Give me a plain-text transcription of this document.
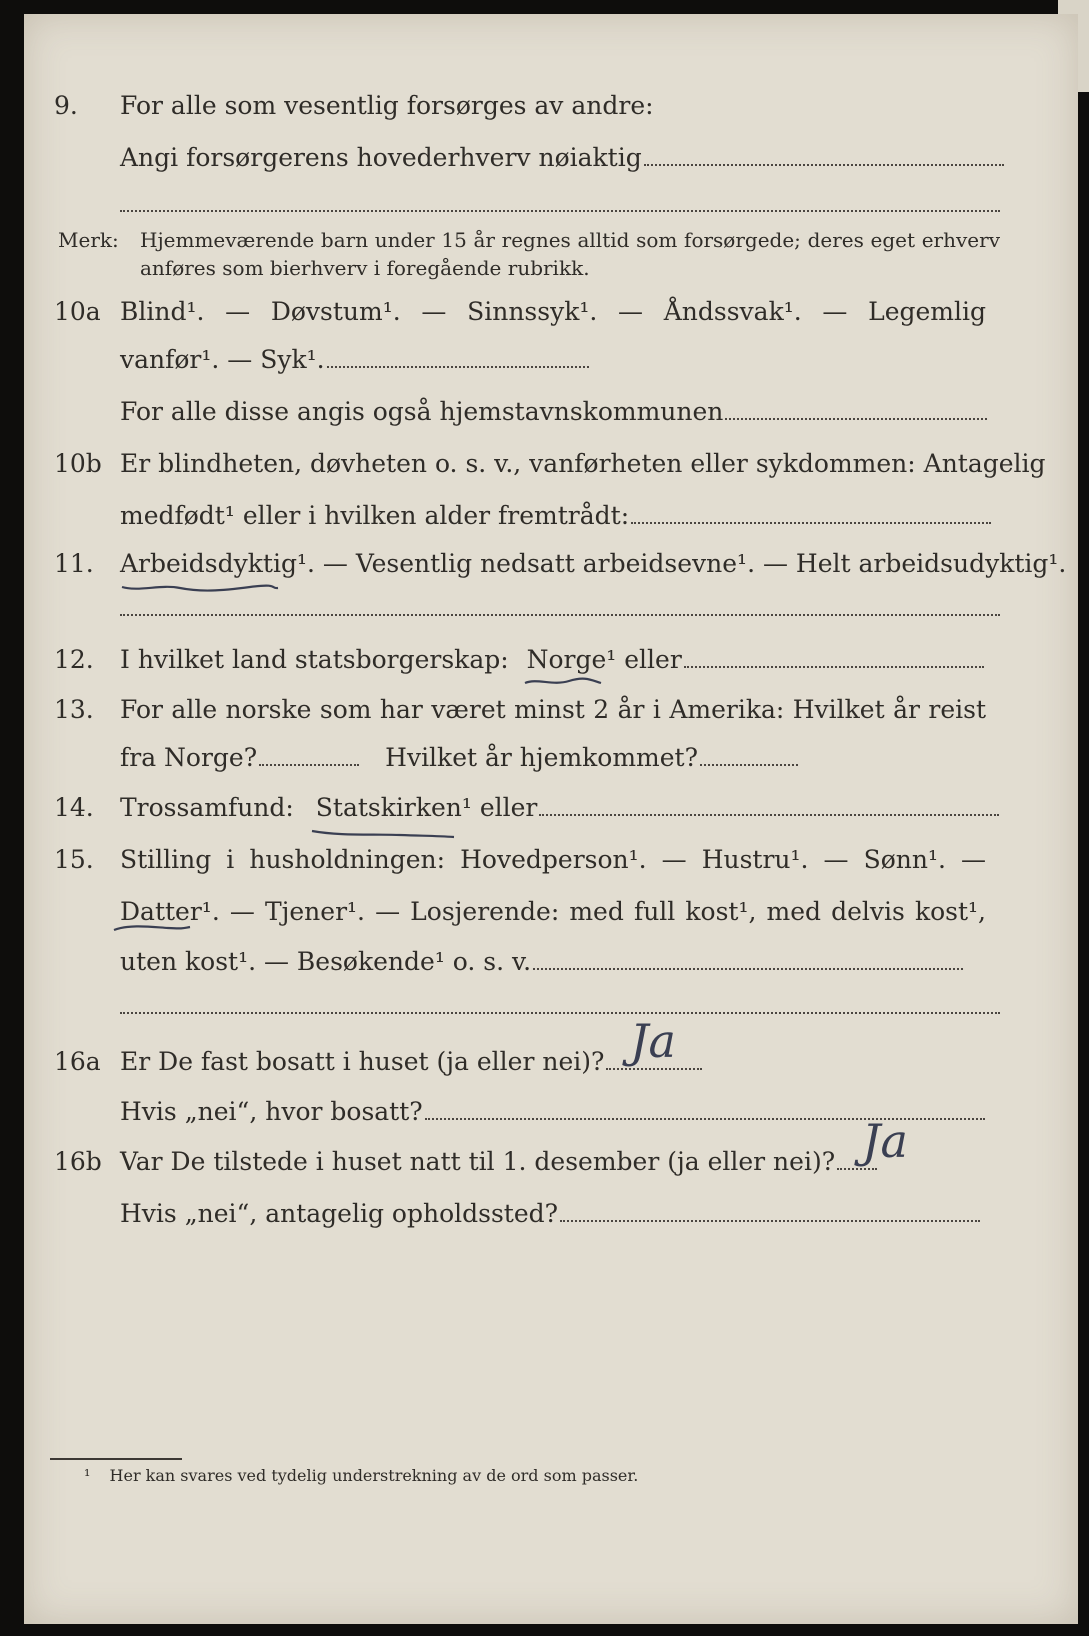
9. For alle som vesentlig forsørges av andre:
Angi forsørgerens hovederhverv nøiaktig
Merk: Hjemmeværende barn under 15 år regnes alltid som forsørgede; deres eget erhverv
anføres som bierhverv i foregående rubrikk.
10a Blind¹. — Døvstum¹. — Sinnssyk¹. — Åndssvak¹. — Legemlig
vanfør¹. — Syk¹.
For alle disse angis også hjemstavnskommunen
10b Er blindheten, døvheten o. s. v., vanførheten eller sykdommen: Antagelig
medfødt¹ eller i hvilken alder fremtrådt:
11. Arbeidsdyktig
¹. — Vesentlig nedsatt arbeidsevne¹. — Helt arbeidsudyktig¹.
12. I hvilket land statsborgerskap: Norge
¹ eller
13. For alle norske som har været minst 2 år i Amerika: Hvilket år reist
fra Norge?	Hvilket år hjemkommet?
14. Trossamfund: Statskirken
¹ eller
15. Stilling i husholdningen: Hovedperson¹. — Hustru¹. — Sønn¹. —
Datter ¹. — Tjener¹. — Losjerende: med full kost¹, med delvis kost¹,
uten kost¹. — Besøkende¹ o. s. v.
16a Er De fast bosatt i huset (ja eller nei)? Ja
Hvis „nei“, hvor bosatt?
16b Var De tilstede i huset natt til 1. desember (ja eller nei)? Ja
Hvis „nei“, antagelig opholdssted?
¹ Her kan svares ved tydelig understrekning av de ord som passer.
